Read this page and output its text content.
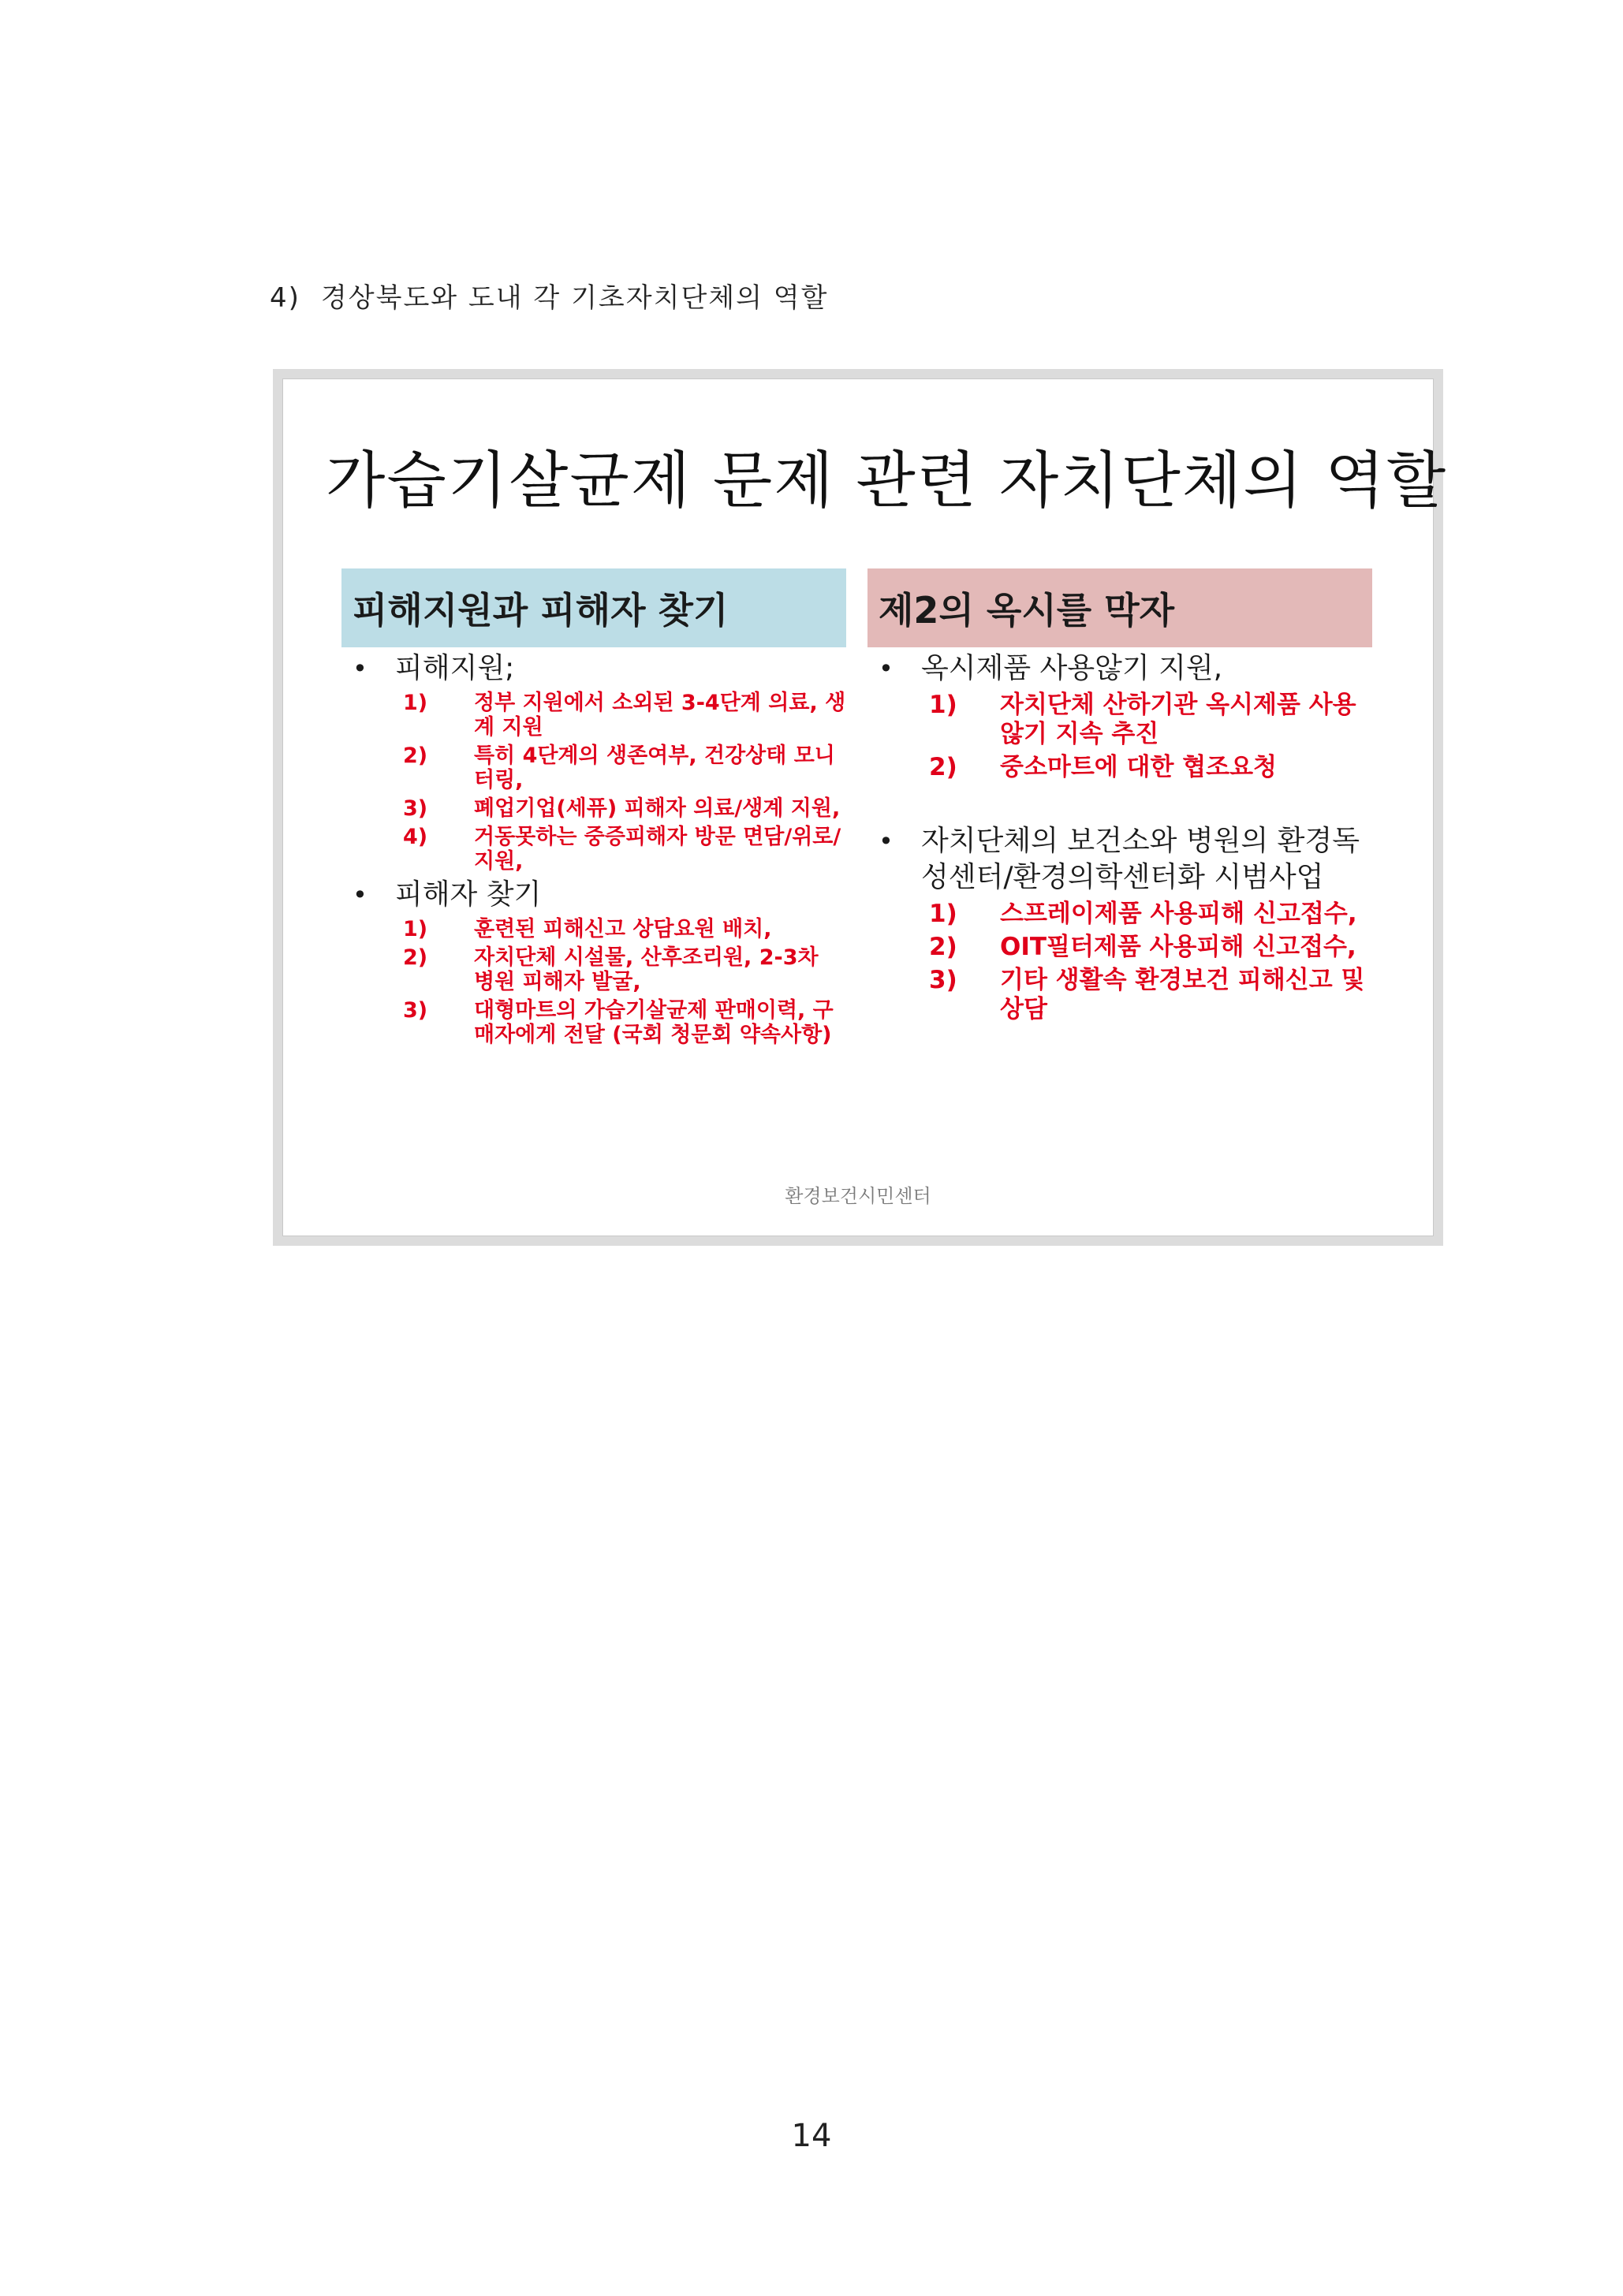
4) 경상북도와 도내 각 기초자치단체의 역할
가습기살균제 문제 관련 자치단체의 역할
피해지원과 피해자 찾기
• 피해지원;
1) 정부 지원에서 소외된 3-4단계 의료, 생계 지원
2) 특히 4단계의 생존여부, 건강상태 모니터링,
3) 폐업기업(세퓨) 피해자 의료/생계 지원,
4) 거동못하는 중증피해자 방문 면담/위로/지원,
• 피해자 찾기
1) 훈련된 피해신고 상담요원 배치,
2) 자치단체 시설물, 산후조리원, 2-3차 병원 피해자 발굴,
3) 대형마트의 가습기살균제 판매이력, 구매자에게 전달 (국회 청문회 약속사항)
제2의 옥시를 막자
• 옥시제품 사용않기 지원,
1) 자치단체 산하기관 옥시제품 사용않기 지속 추진
2) 중소마트에 대한 협조요청
• 자치단체의 보건소와 병원의 환경독성센터/환경의학센터화 시범사업
1) 스프레이제품 사용피해 신고접수,
2) OIT필터제품 사용피해 신고접수,
3) 기타 생활속 환경보건 피해신고 및 상담
환경보건시민센터
14
